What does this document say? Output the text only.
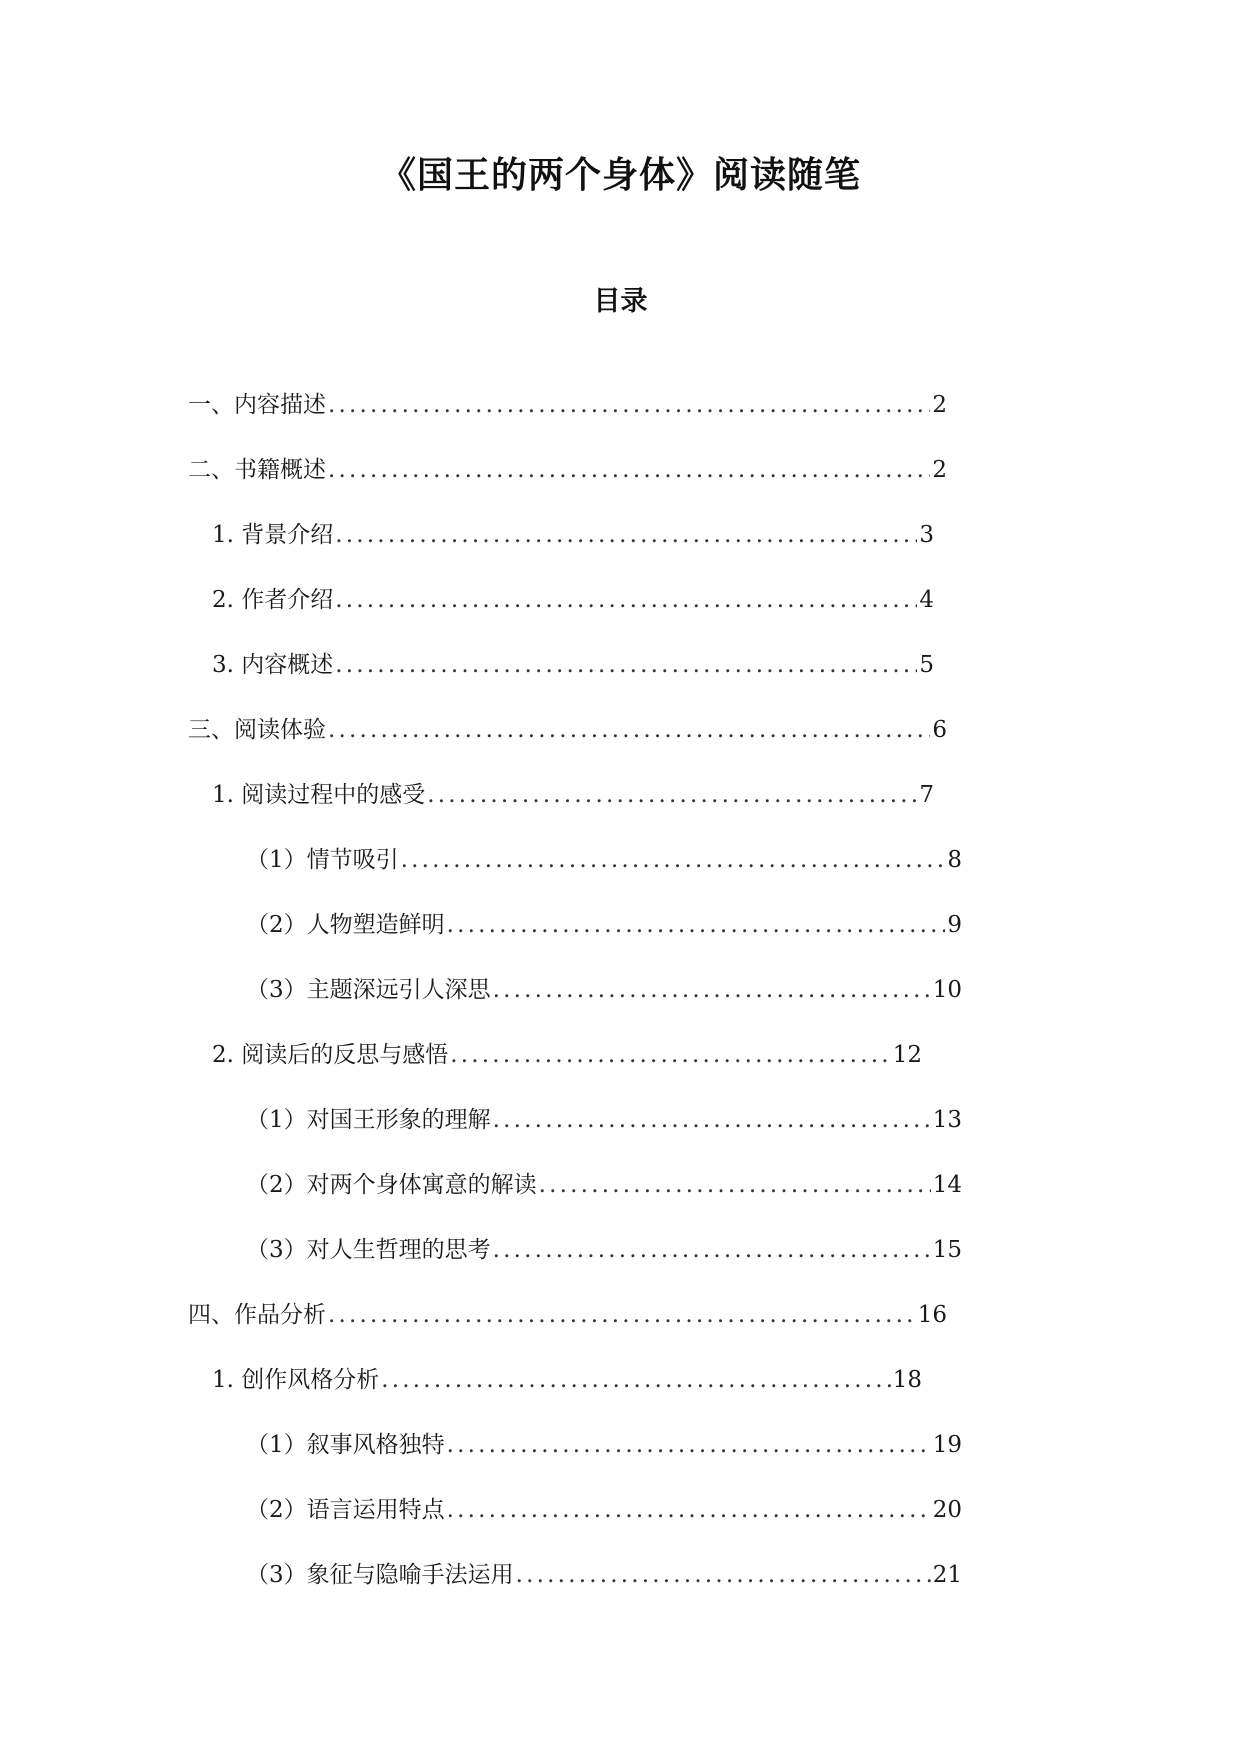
《国王的两个身体》阅读随笔
目录
一、内容描述 .....	2
二、书籍概述 .....	2
1. 背景介绍 .....	3
2. 作者介绍 .....	4
3. 内容概述 .....	5
三、阅读体验 .....	6
1. 阅读过程中的感受 .....	7
（1）情节吸引 .....	8
（2）人物塑造鲜明 .....	9
（3）主题深远引人深思 .....	10
2. 阅读后的反思与感悟 .....	12
（1）对国王形象的理解 .....	13
（2）对两个身体寓意的解读 .....	14
（3）对人生哲理的思考 .....	15
四、作品分析 .....	16
1. 创作风格分析 .....	18
（1）叙事风格独特 .....	19
（2）语言运用特点 .....	20
（3）象征与隐喻手法运用 .....	21
